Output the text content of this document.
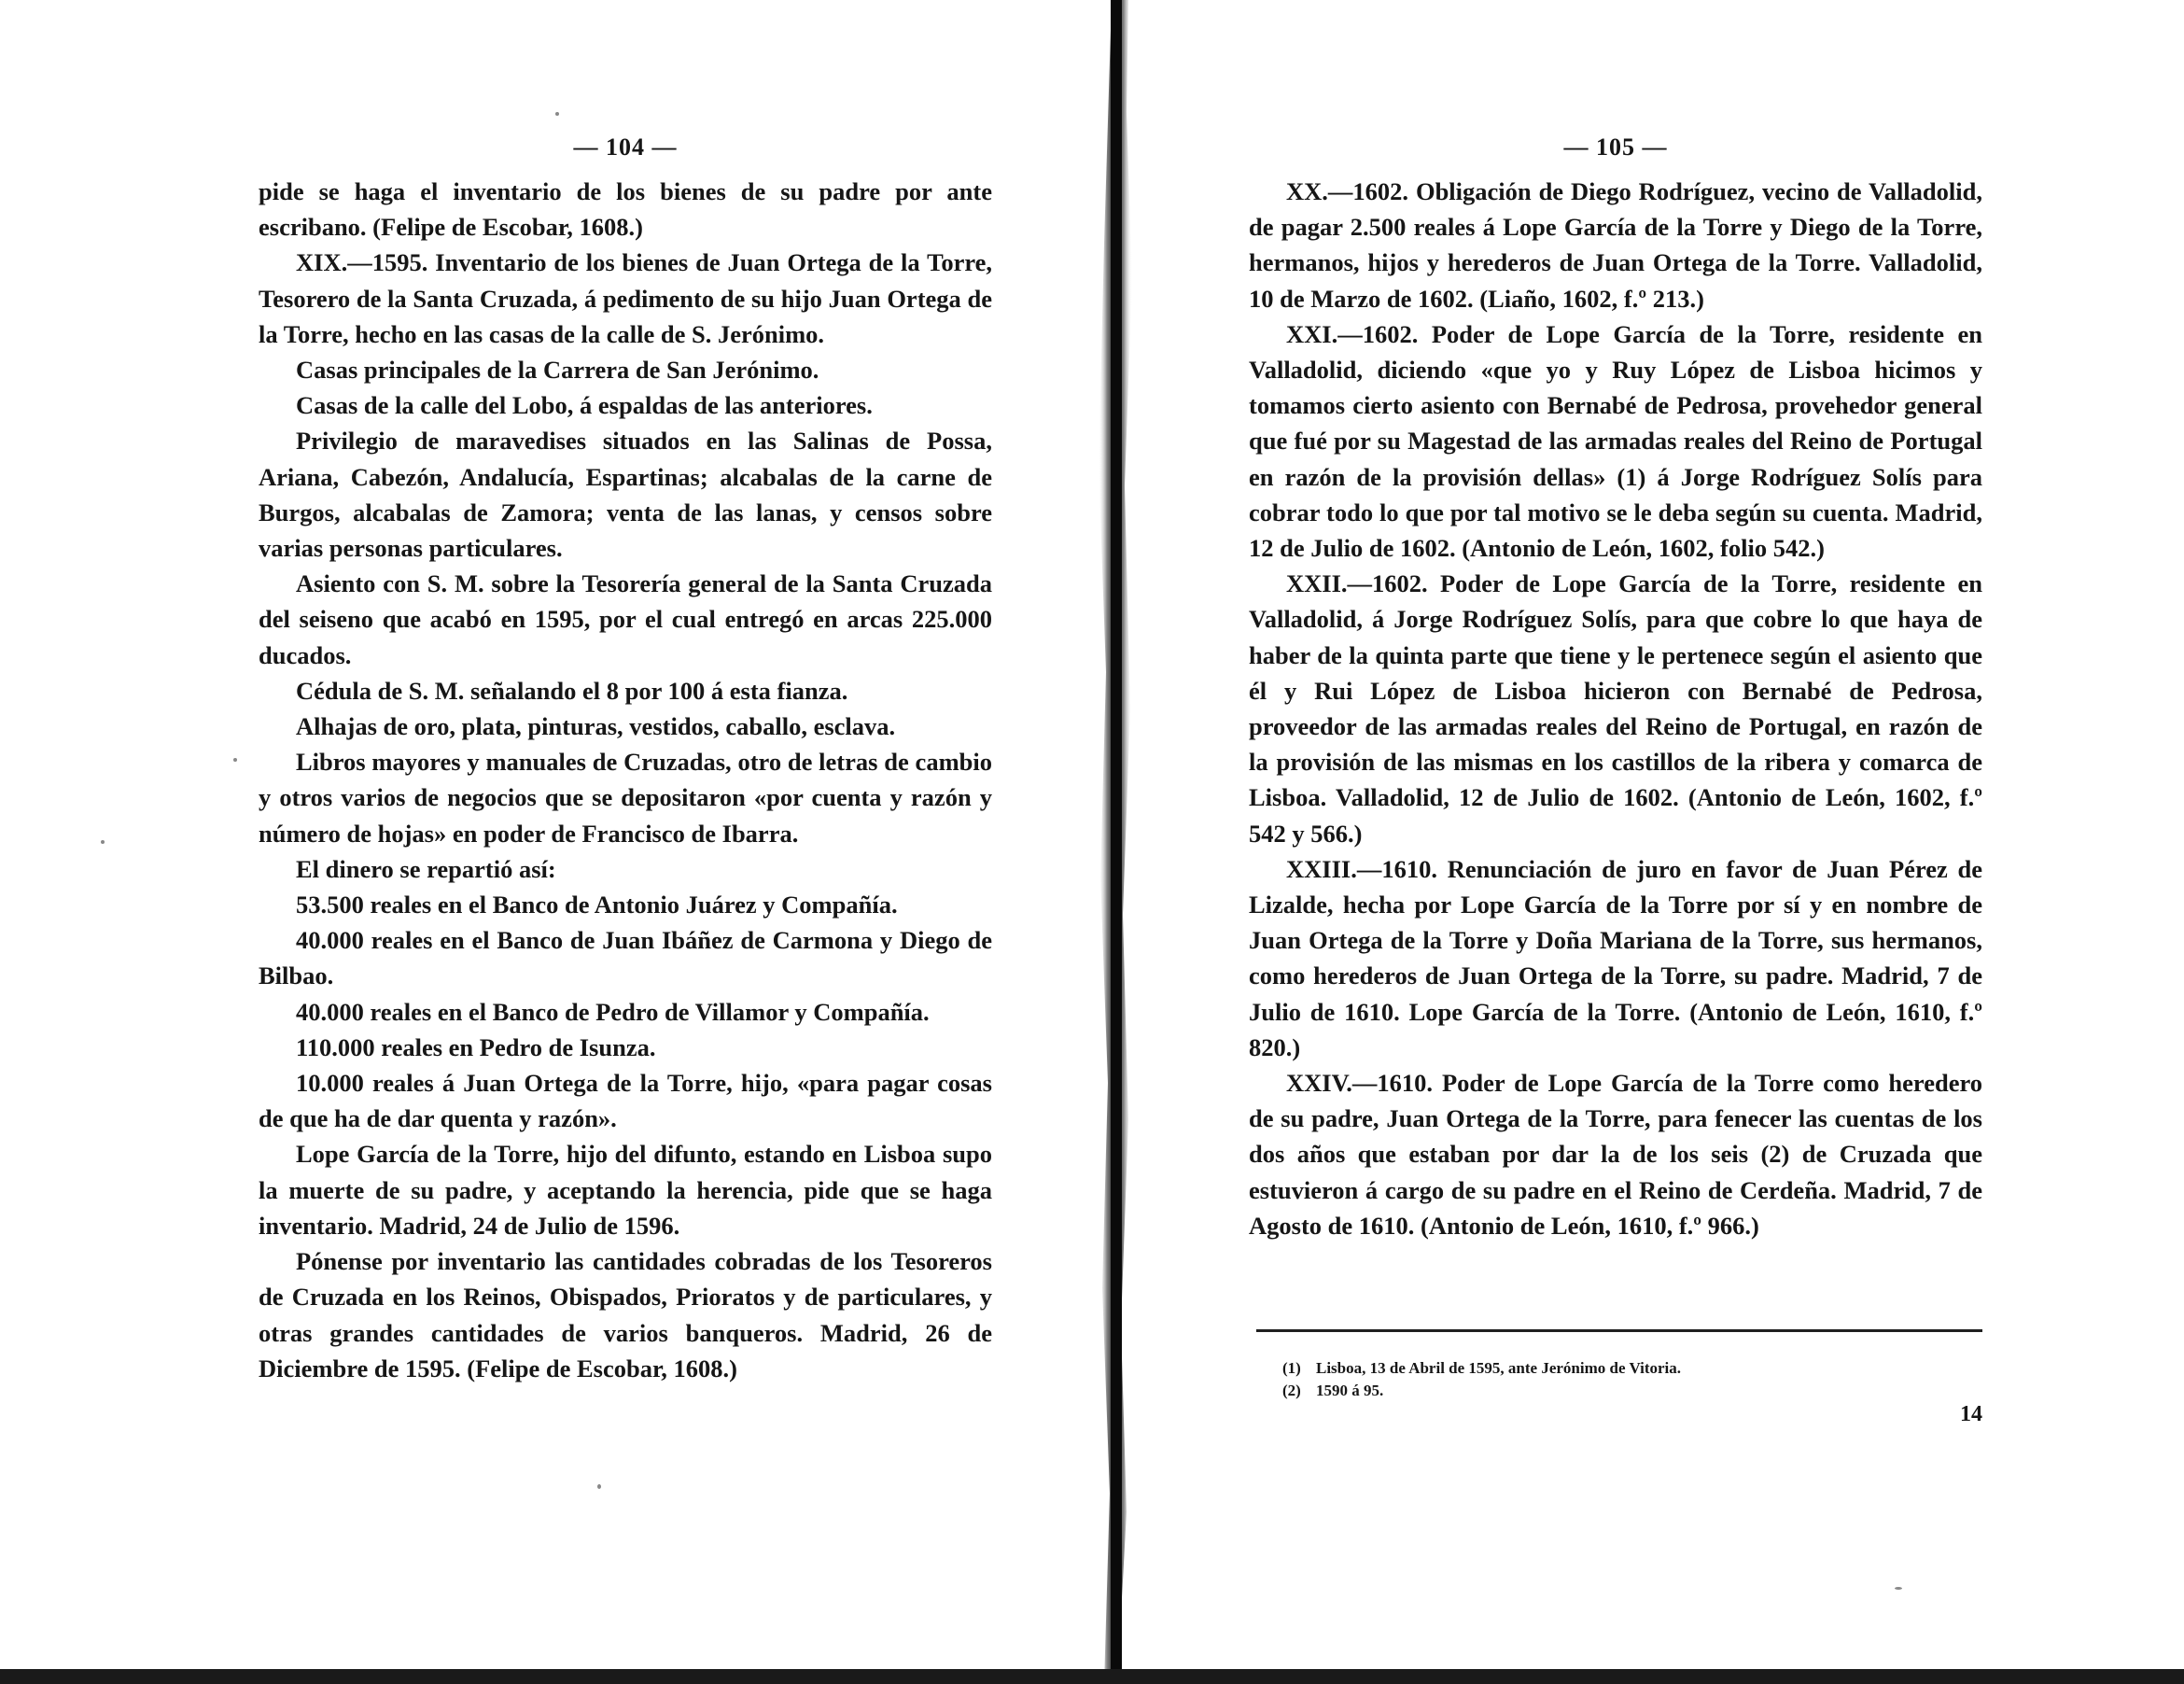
— 104 —

pide se haga el inventario de los bienes de su padre por ante escribano. (Felipe de Escobar, 1608.)

XIX.—1595. Inventario de los bienes de Juan Ortega de la Torre, Tesorero de la Santa Cruzada, á pedimento de su hijo Juan Ortega de la Torre, hecho en las casas de la calle de S. Jerónimo.

Casas principales de la Carrera de San Jerónimo.

Casas de la calle del Lobo, á espaldas de las anteriores.

Privilegio de maravedises situados en las Salinas de Possa, Ariana, Cabezón, Andalucía, Espartinas; alcabalas de la carne de Burgos, alcabalas de Zamora; venta de las lanas, y censos sobre varias personas particulares.

Asiento con S. M. sobre la Tesorería general de la Santa Cruzada del seiseno que acabó en 1595, por el cual entregó en arcas 225.000 ducados.

Cédula de S. M. señalando el 8 por 100 á esta fianza.

Alhajas de oro, plata, pinturas, vestidos, caballo, esclava.

Libros mayores y manuales de Cruzadas, otro de letras de cambio y otros varios de negocios que se depositaron «por cuenta y razón y número de hojas» en poder de Francisco de Ibarra.

El dinero se repartió así:

53.500 reales en el Banco de Antonio Juárez y Compañía.

40.000 reales en el Banco de Juan Ibáñez de Carmona y Diego de Bilbao.

40.000 reales en el Banco de Pedro de Villamor y Compañía.

110.000 reales en Pedro de Isunza.

10.000 reales á Juan Ortega de la Torre, hijo, «para pagar cosas de que ha de dar quenta y razón».

Lope García de la Torre, hijo del difunto, estando en Lisboa supo la muerte de su padre, y aceptando la herencia, pide que se haga inventario. Madrid, 24 de Julio de 1596.

Pónense por inventario las cantidades cobradas de los Tesoreros de Cruzada en los Reinos, Obispados, Prioratos y de particulares, y otras grandes cantidades de varios banqueros. Madrid, 26 de Diciembre de 1595. (Felipe de Escobar, 1608.)

— 105 —

XX.—1602. Obligación de Diego Rodríguez, vecino de Valladolid, de pagar 2.500 reales á Lope García de la Torre y Diego de la Torre, hermanos, hijos y herederos de Juan Ortega de la Torre. Valladolid, 10 de Marzo de 1602. (Liaño, 1602, f.º 213.)

XXI.—1602. Poder de Lope García de la Torre, residente en Valladolid, diciendo «que yo y Ruy López de Lisboa hicimos y tomamos cierto asiento con Bernabé de Pedrosa, provehedor general que fué por su Magestad de las armadas reales del Reino de Portugal en razón de la provisión dellas» (1) á Jorge Rodríguez Solís para cobrar todo lo que por tal motivo se le deba según su cuenta. Madrid, 12 de Julio de 1602. (Antonio de León, 1602, folio 542.)

XXII.—1602. Poder de Lope García de la Torre, residente en Valladolid, á Jorge Rodríguez Solís, para que cobre lo que haya de haber de la quinta parte que tiene y le pertenece según el asiento que él y Rui López de Lisboa hicieron con Bernabé de Pedrosa, proveedor de las armadas reales del Reino de Portugal, en razón de la provisión de las mismas en los castillos de la ribera y comarca de Lisboa. Valladolid, 12 de Julio de 1602. (Antonio de León, 1602, f.º 542 y 566.)

XXIII.—1610. Renunciación de juro en favor de Juan Pérez de Lizalde, hecha por Lope García de la Torre por sí y en nombre de Juan Ortega de la Torre y Doña Mariana de la Torre, sus hermanos, como herederos de Juan Ortega de la Torre, su padre. Madrid, 7 de Julio de 1610. Lope García de la Torre. (Antonio de León, 1610, f.º 820.)

XXIV.—1610. Poder de Lope García de la Torre como heredero de su padre, Juan Ortega de la Torre, para fenecer las cuentas de los dos años que estaban por dar la de los seis (2) de Cruzada que estuvieron á cargo de su padre en el Reino de Cerdeña. Madrid, 7 de Agosto de 1610. (Antonio de León, 1610, f.º 966.)

(1) Lisboa, 13 de Abril de 1595, ante Jerónimo de Vitoria.

(2) 1590 á 95.

14
